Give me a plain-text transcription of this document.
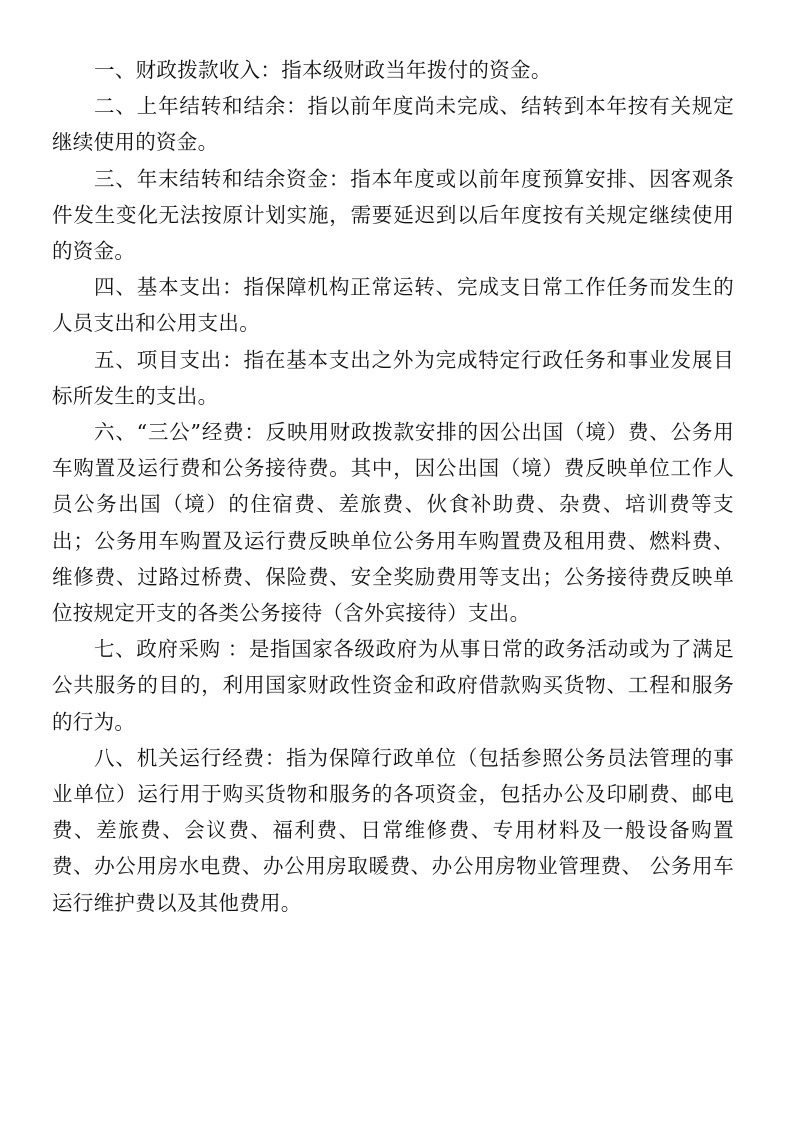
一、财政拨款收入：指本级财政当年拨付的资金。

二、上年结转和结余：指以前年度尚未完成、结转到本年按有关规定继续使用的资金。

三、年末结转和结余资金：指本年度或以前年度预算安排、因客观条件发生变化无法按原计划实施，需要延迟到以后年度按有关规定继续使用的资金。

四、基本支出：指保障机构正常运转、完成支日常工作任务而发生的人员支出和公用支出。

五、项目支出：指在基本支出之外为完成特定行政任务和事业发展目标所发生的支出。

六、“三公”经费：反映用财政拨款安排的因公出国（境）费、公务用车购置及运行费和公务接待费。其中，因公出国（境）费反映单位工作人员公务出国（境）的住宿费、差旅费、伙食补助费、杂费、培训费等支出；公务用车购置及运行费反映单位公务用车购置费及租用费、燃料费、维修费、过路过桥费、保险费、安全奖励费用等支出；公务接待费反映单位按规定开支的各类公务接待（含外宾接待）支出。

七、政府采购 ：是指国家各级政府为从事日常的政务活动或为了满足公共服务的目的，利用国家财政性资金和政府借款购买货物、工程和服务的行为。

八、机关运行经费：指为保障行政单位（包括参照公务员法管理的事业单位）运行用于购买货物和服务的各项资金，包括办公及印刷费、邮电费、差旅费、会议费、福利费、日常维修费、专用材料及一般设备购置费、办公用房水电费、办公用房取暖费、办公用房物业管理费、 公务用车运行维护费以及其他费用。
